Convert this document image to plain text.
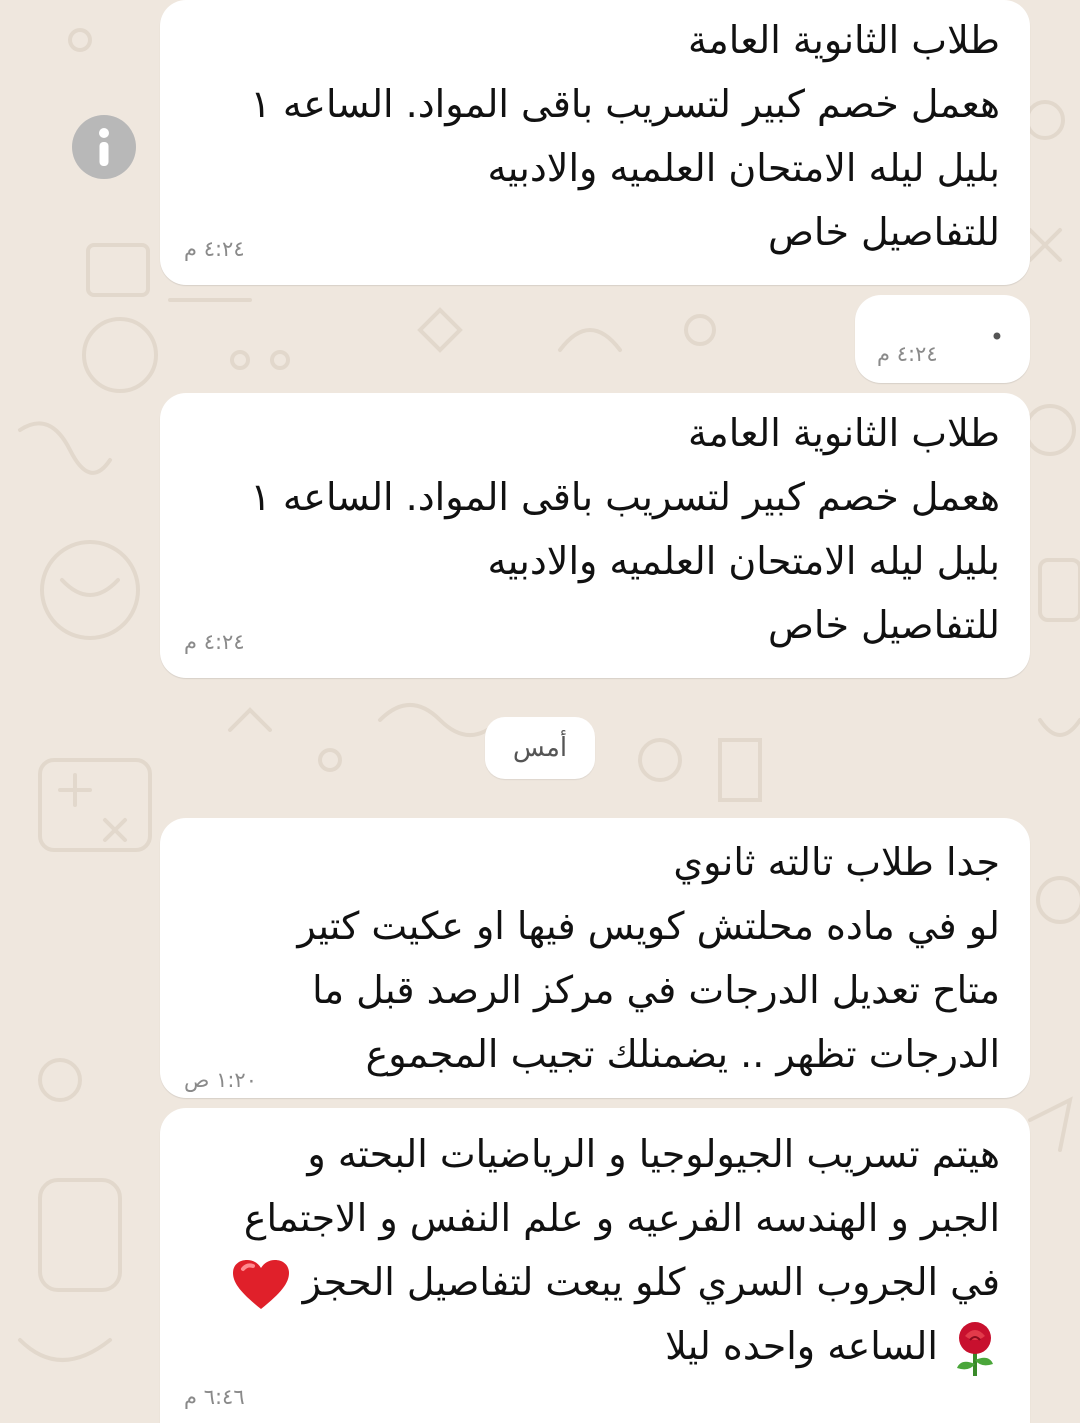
طلاب الثانوية العامة
هعمل خصم كبير لتسريب باقى المواد. الساعه ١
بليل ليله الامتحان العلميه والادبيه
للتفاصيل خاص
٤:٢٤ م
•
٤:٢٤ م
طلاب الثانوية العامة
هعمل خصم كبير لتسريب باقى المواد. الساعه ١
بليل ليله الامتحان العلميه والادبيه
للتفاصيل خاص
٤:٢٤ م
أمس
جدا طلاب تالته ثانوي
لو في ماده محلتش كويس فيها او عكيت كتير
متاح تعديل الدرجات في مركز الرصد قبل ما
الدرجات تظهر .. يضمنلك تجيب المجموع
١:٢٠ ص
هيتم تسريب الجيولوجيا و الرياضيات البحته و
الجبر و الهندسه الفرعيه و علم النفس و الاجتماع
في الجروب السري كلو يبعت لتفاصيل الحجز
الساعه واحده ليلا
٦:٤٦ م
